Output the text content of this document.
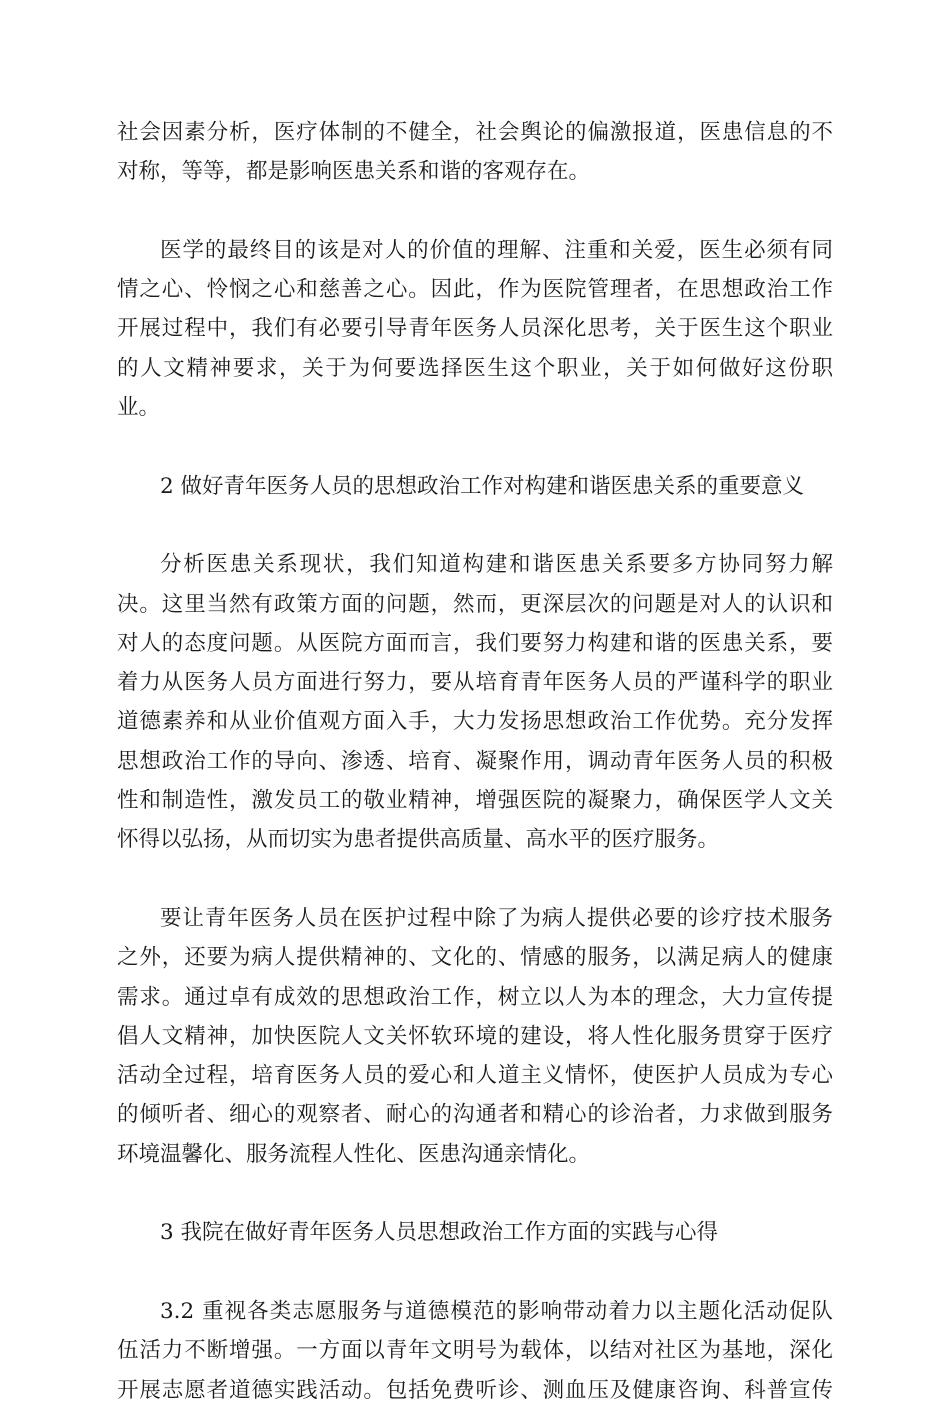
社会因素分析，医疗体制的不健全，社会舆论的偏激报道，医患信息的不
对称，等等，都是影响医患关系和谐的客观存在。
医学的最终目的该是对人的价值的理解、注重和关爱，医生必须有同
情之心、怜悯之心和慈善之心。因此，作为医院管理者，在思想政治工作
开展过程中，我们有必要引导青年医务人员深化思考，关于医生这个职业
的人文精神要求，关于为何要选择医生这个职业，关于如何做好这份职
业。
2 做好青年医务人员的思想政治工作对构建和谐医患关系的重要意义
分析医患关系现状，我们知道构建和谐医患关系要多方协同努力解
决。这里当然有政策方面的问题，然而，更深层次的问题是对人的认识和
对人的态度问题。从医院方面而言，我们要努力构建和谐的医患关系，要
着力从医务人员方面进行努力，要从培育青年医务人员的严谨科学的职业
道德素养和从业价值观方面入手，大力发扬思想政治工作优势。充分发挥
思想政治工作的导向、渗透、培育、凝聚作用，调动青年医务人员的积极
性和制造性，激发员工的敬业精神，增强医院的凝聚力，确保医学人文关
怀得以弘扬，从而切实为患者提供高质量、高水平的医疗服务。
要让青年医务人员在医护过程中除了为病人提供必要的诊疗技术服务
之外，还要为病人提供精神的、文化的、情感的服务，以满足病人的健康
需求。通过卓有成效的思想政治工作，树立以人为本的理念，大力宣传提
倡人文精神，加快医院人文关怀软环境的建设，将人性化服务贯穿于医疗
活动全过程，培育医务人员的爱心和人道主义情怀，使医护人员成为专心
的倾听者、细心的观察者、耐心的沟通者和精心的诊治者，力求做到服务
环境温馨化、服务流程人性化、医患沟通亲情化。
3 我院在做好青年医务人员思想政治工作方面的实践与心得
3.2 重视各类志愿服务与道德模范的影响带动着力以主题化活动促队
伍活力不断增强。一方面以青年文明号为载体，以结对社区为基地，深化
开展志愿者道德实践活动。包括免费听诊、测血压及健康咨询、科普宣传
